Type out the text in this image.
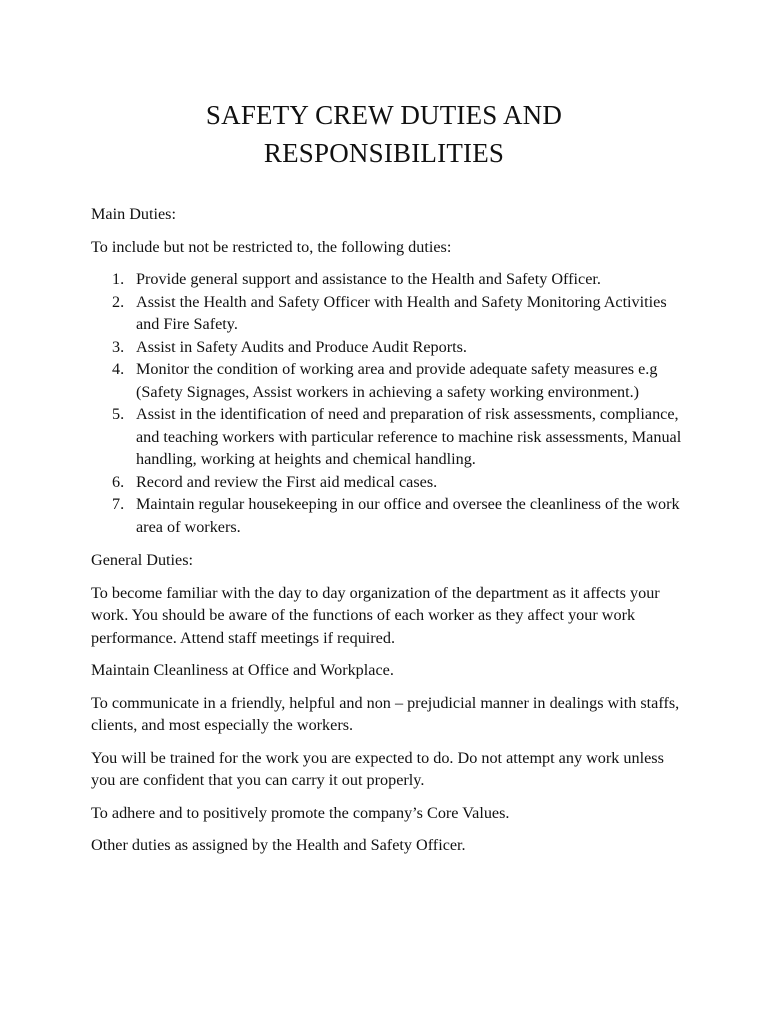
SAFETY CREW DUTIES AND
RESPONSIBILITIES

Main Duties:

To include but not be restricted to, the following duties:

1. Provide general support and assistance to the Health and Safety Officer.
2. Assist the Health and Safety Officer with Health and Safety Monitoring Activities and Fire Safety.
3. Assist in Safety Audits and Produce Audit Reports.
4. Monitor the condition of working area and provide adequate safety measures e.g (Safety Signages, Assist workers in achieving a safety working environment.)
5. Assist in the identification of need and preparation of risk assessments, compliance, and teaching workers with particular reference to machine risk assessments, Manual handling, working at heights and chemical handling.
6. Record and review the First aid medical cases.
7. Maintain regular housekeeping in our office and oversee the cleanliness of the work area of workers.

General Duties:

To become familiar with the day to day organization of the department as it affects your work. You should be aware of the functions of each worker as they affect your work performance. Attend staff meetings if required.

Maintain Cleanliness at Office and Workplace.

To communicate in a friendly, helpful and non – prejudicial manner in dealings with staffs, clients, and most especially the workers.

You will be trained for the work you are expected to do. Do not attempt any work unless you are confident that you can carry it out properly.

To adhere and to positively promote the company’s Core Values.

Other duties as assigned by the Health and Safety Officer.
